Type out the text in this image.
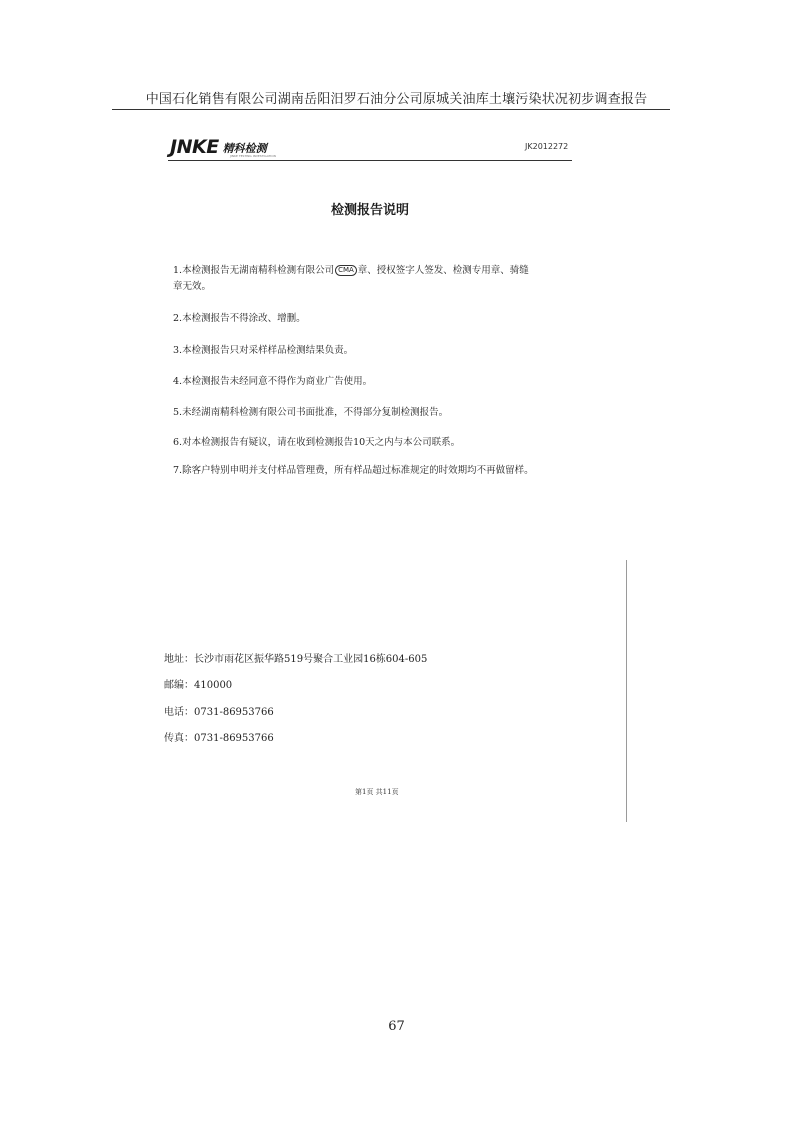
中国石化销售有限公司湖南岳阳汨罗石油分公司原城关油库土壤污染状况初步调查报告
JNKE 精科检测
JINKE TESTING INVESTIGATION
JK2012272
检测报告说明
1.本检测报告无湖南精科检测有限公司 CMA 章、授权签字人签发、检测专用章、骑缝
章无效。
2.本检测报告不得涂改、增删。
3.本检测报告只对采样样品检测结果负责。
4.本检测报告未经同意不得作为商业广告使用。
5.未经湖南精科检测有限公司书面批准，不得部分复制检测报告。
6.对本检测报告有疑议，请在收到检测报告10天之内与本公司联系。
7.除客户特别申明并支付样品管理费，所有样品超过标准规定的时效期均不再做留样。
地址：长沙市雨花区振华路519号聚合工业园16栋604-605
邮编：410000
电话：0731-86953766
传真：0731-86953766
第1页 共11页
67
